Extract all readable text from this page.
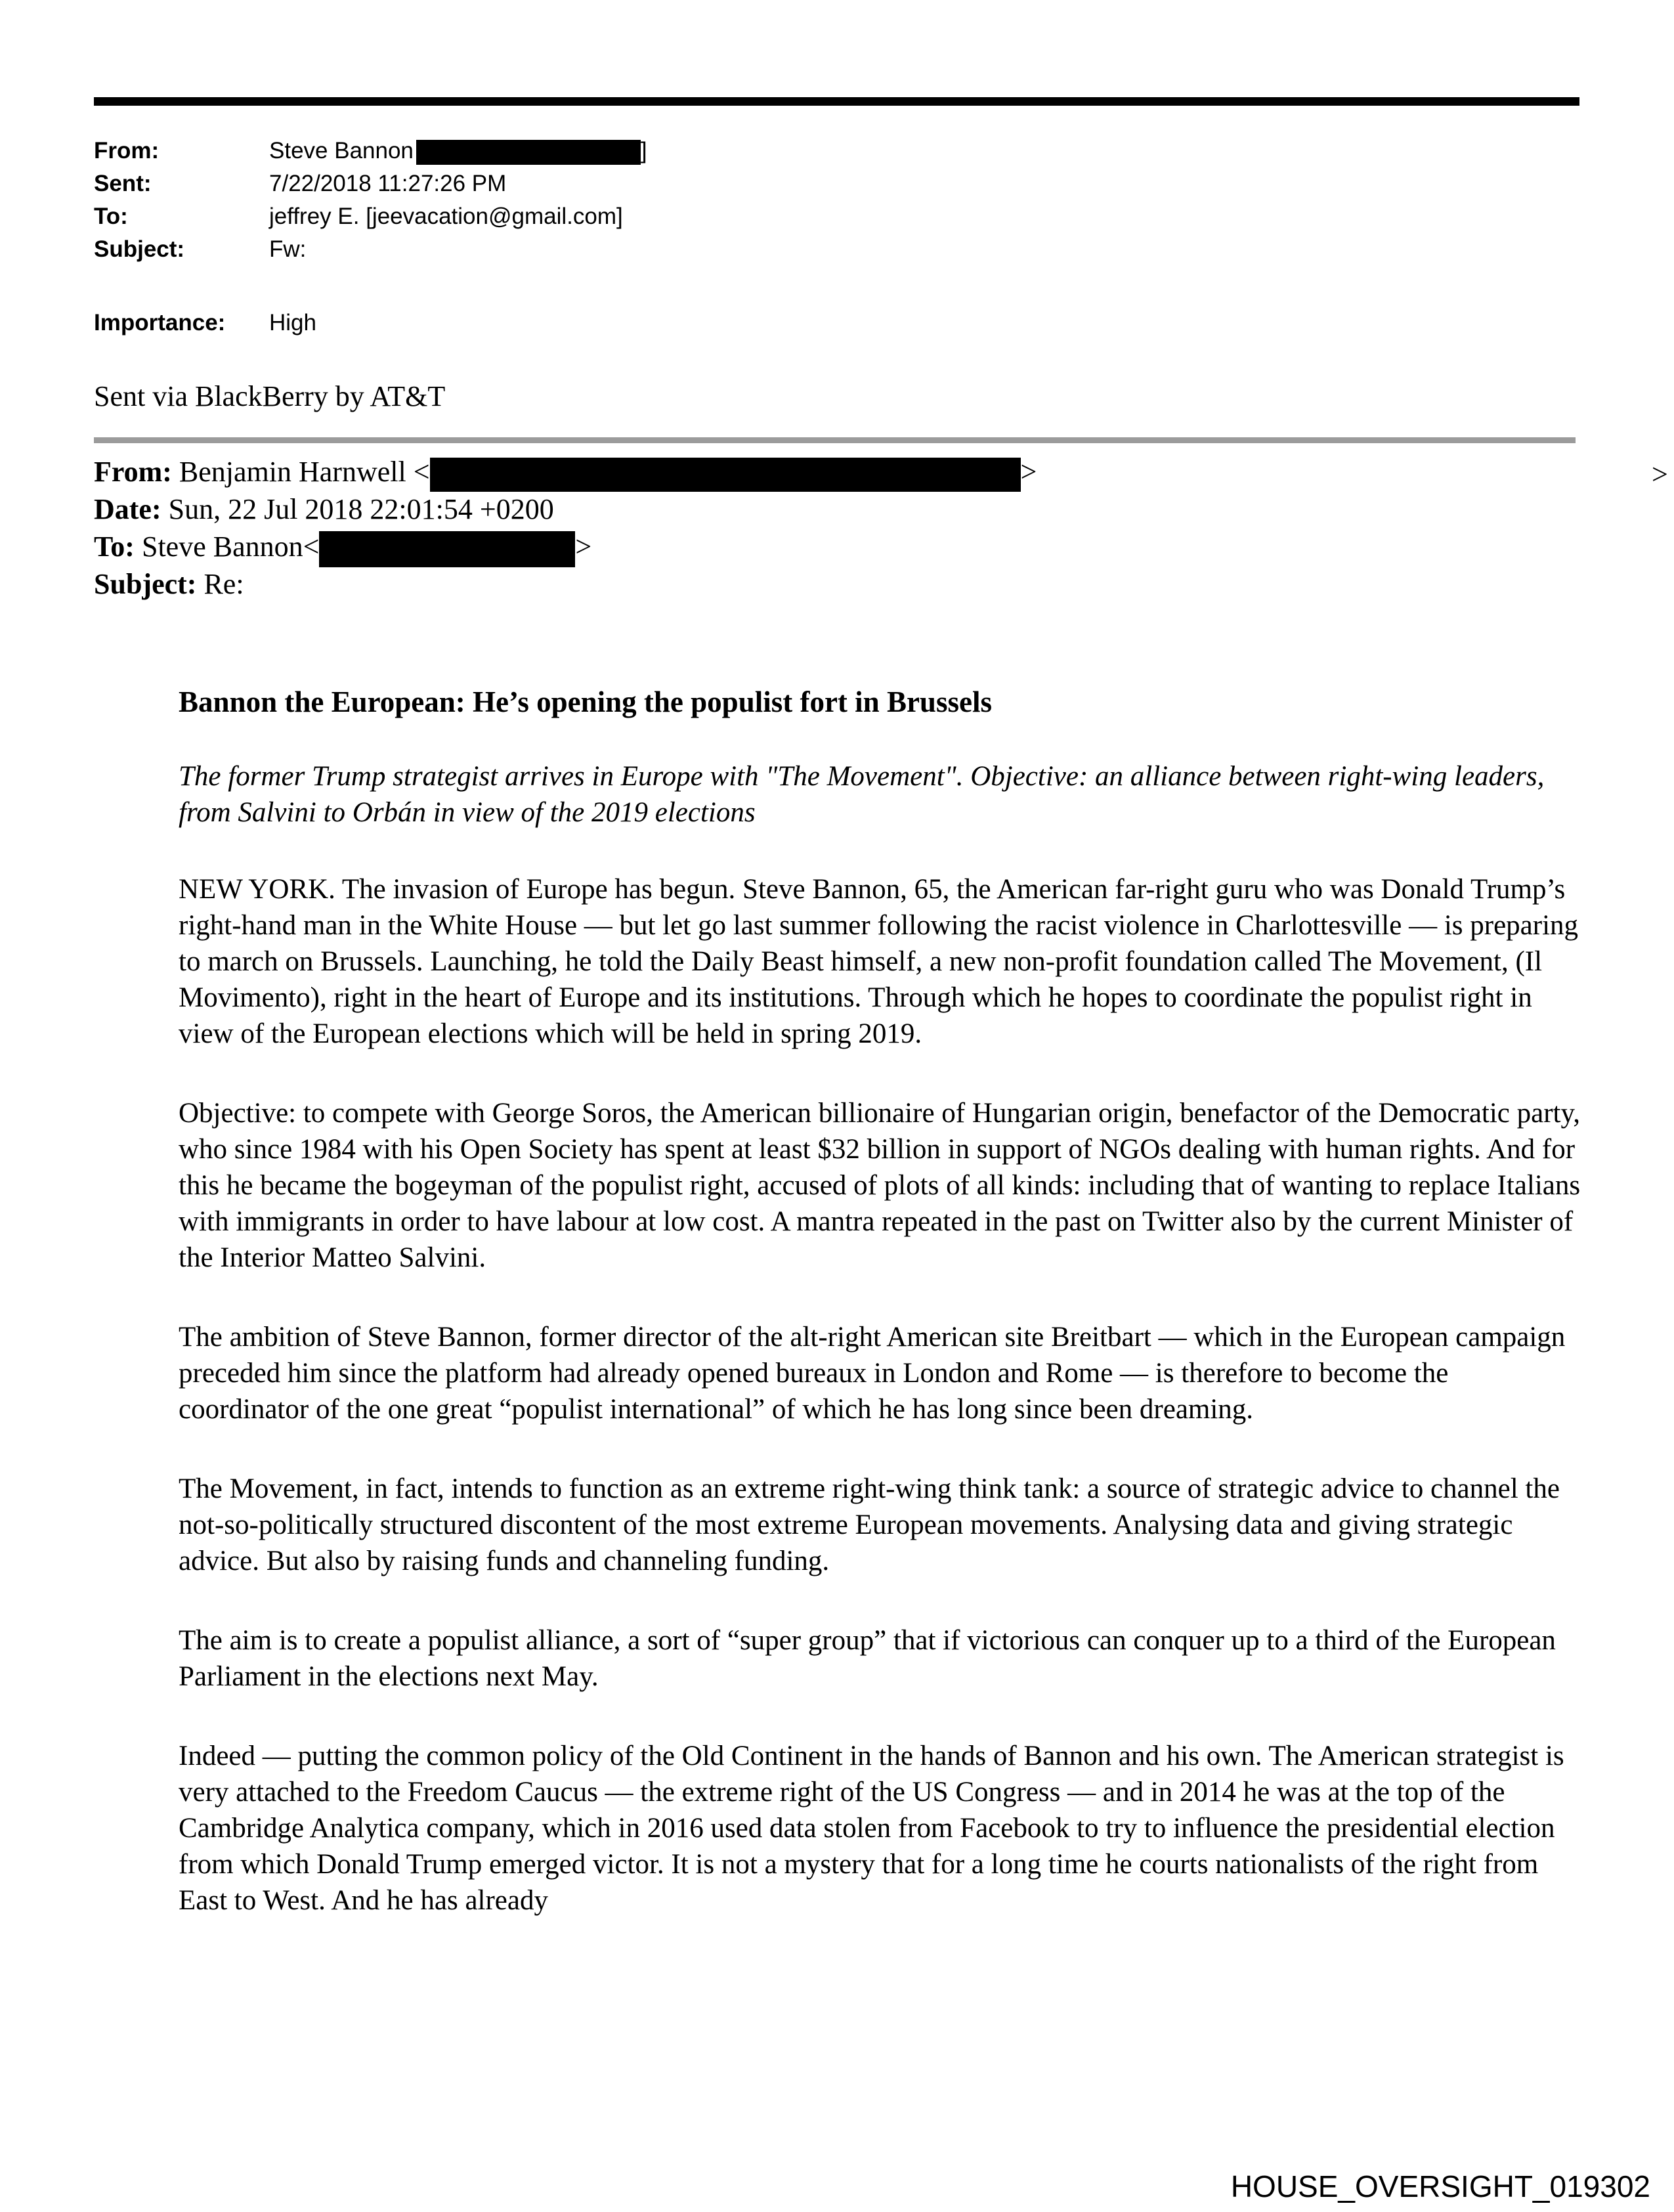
From:	Steve Bannon	]
Sent:	7/22/2018 11:27:26 PM
To:	jeffrey E. [jeevacation@gmail.com]
Subject:	Fw:
Importance: High
Sent via BlackBerry by AT&T
From: Benjamin Harnwell <	>
Date: Sun, 22 Jul 2018 22:01:54 +0200
To: Steve Bannon<	>
Subject: Re:
>
Bannon the European: He’s opening the populist fort in Brussels
The former Trump strategist arrives in Europe with "The Movement". Objective: an alliance between right-wing leaders, from Salvini to Orbán in view of the 2019 elections

NEW YORK. The invasion of Europe has begun. Steve Bannon, 65, the American far-right guru who was Donald Trump’s right-hand man in the White House — but let go last summer following the racist violence in Charlottesville — is preparing to march on Brussels. Launching, he told the Daily Beast himself, a new non-profit foundation called The Movement, (Il Movimento), right in the heart of Europe and its institutions. Through which he hopes to coordinate the populist right in view of the European elections which will be held in spring 2019.

Objective: to compete with George Soros, the American billionaire of Hungarian origin, benefactor of the Democratic party, who since 1984 with his Open Society has spent at least $32 billion in support of NGOs dealing with human rights. And for this he became the bogeyman of the populist right, accused of plots of all kinds: including that of wanting to replace Italians with immigrants in order to have labour at low cost. A mantra repeated in the past on Twitter also by the current Minister of the Interior Matteo Salvini.

The ambition of Steve Bannon, former director of the alt-right American site Breitbart — which in the European campaign preceded him since the platform had already opened bureaux in London and Rome — is therefore to become the coordinator of the one great “populist international” of which he has long since been dreaming.

The Movement, in fact, intends to function as an extreme right-wing think tank: a source of strategic advice to channel the not-so-politically structured discontent of the most extreme European movements. Analysing data and giving strategic advice. But also by raising funds and channeling funding.

The aim is to create a populist alliance, a sort of “super group” that if victorious can conquer up to a third of the European Parliament in the elections next May.

Indeed — putting the common policy of the Old Continent in the hands of Bannon and his own. The American strategist is very attached to the Freedom Caucus — the extreme right of the US Congress — and in 2014 he was at the top of the Cambridge Analytica company, which in 2016 used data stolen from Facebook to try to influence the presidential election from which Donald Trump emerged victor. It is not a mystery that for a long time he courts nationalists of the right from East to West. And he has already

HOUSE_OVERSIGHT_019302
